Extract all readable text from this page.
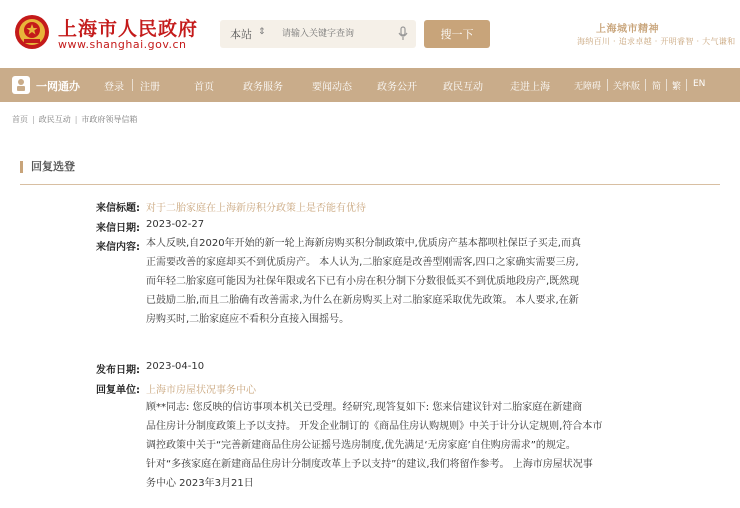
上海市人民政府
www.shanghai.gov.cn
本站 ⇕
请输入关键字查询	搜一下	上海城市精神
海纳百川 · 追求卓越 · 开明睿智 · 大气谦和
一网通办 登录 注册	首页	政务服务	要闻动态	政务公开	政民互动	走进上海	无障碍 关怀版 简 繁 EN
首页 | 政民互动 | 市政府领导信箱
回复选登
来信标题: 对于二胎家庭在上海新房积分政策上是否能有优待
来信日期: 2023-02-27
来信内容: 本人反映,自2020年开始的新一轮上海新房购买积分制政策中,优质房产基本都呗杜保臣子买走,而真
正需要改善的家庭却买不到优质房产。 本人认为,二胎家庭是改善型刚需客,四口之家确实需要三房,
而年轻二胎家庭可能因为社保年限或名下已有小房在积分制下分数很低买不到优质地段房产,既然现
已鼓励二胎,而且二胎确有改善需求,为什么在新房购买上对二胎家庭采取优先政策。 本人要求,在新
房购买时,二胎家庭应不看积分直接入围摇号。
发布日期: 2023-04-10
回复单位: 上海市房屋状况事务中心
顾**同志: 您反映的信访事项本机关已受理。经研究,现答复如下: 您来信建议针对二胎家庭在新建商
品住房计分制度政策上予以支持。 开发企业制订的《商品住房认购规则》中关于计分认定规则,符合本市
调控政策中关于“完善新建商品住房公证摇号选房制度,优先满足‘无房家庭’自住购房需求”的规定。
针对“多孩家庭在新建商品住房计分制度改革上予以支持”的建议,我们将留作参考。 上海市房屋状况事
务中心 2023年3月21日
